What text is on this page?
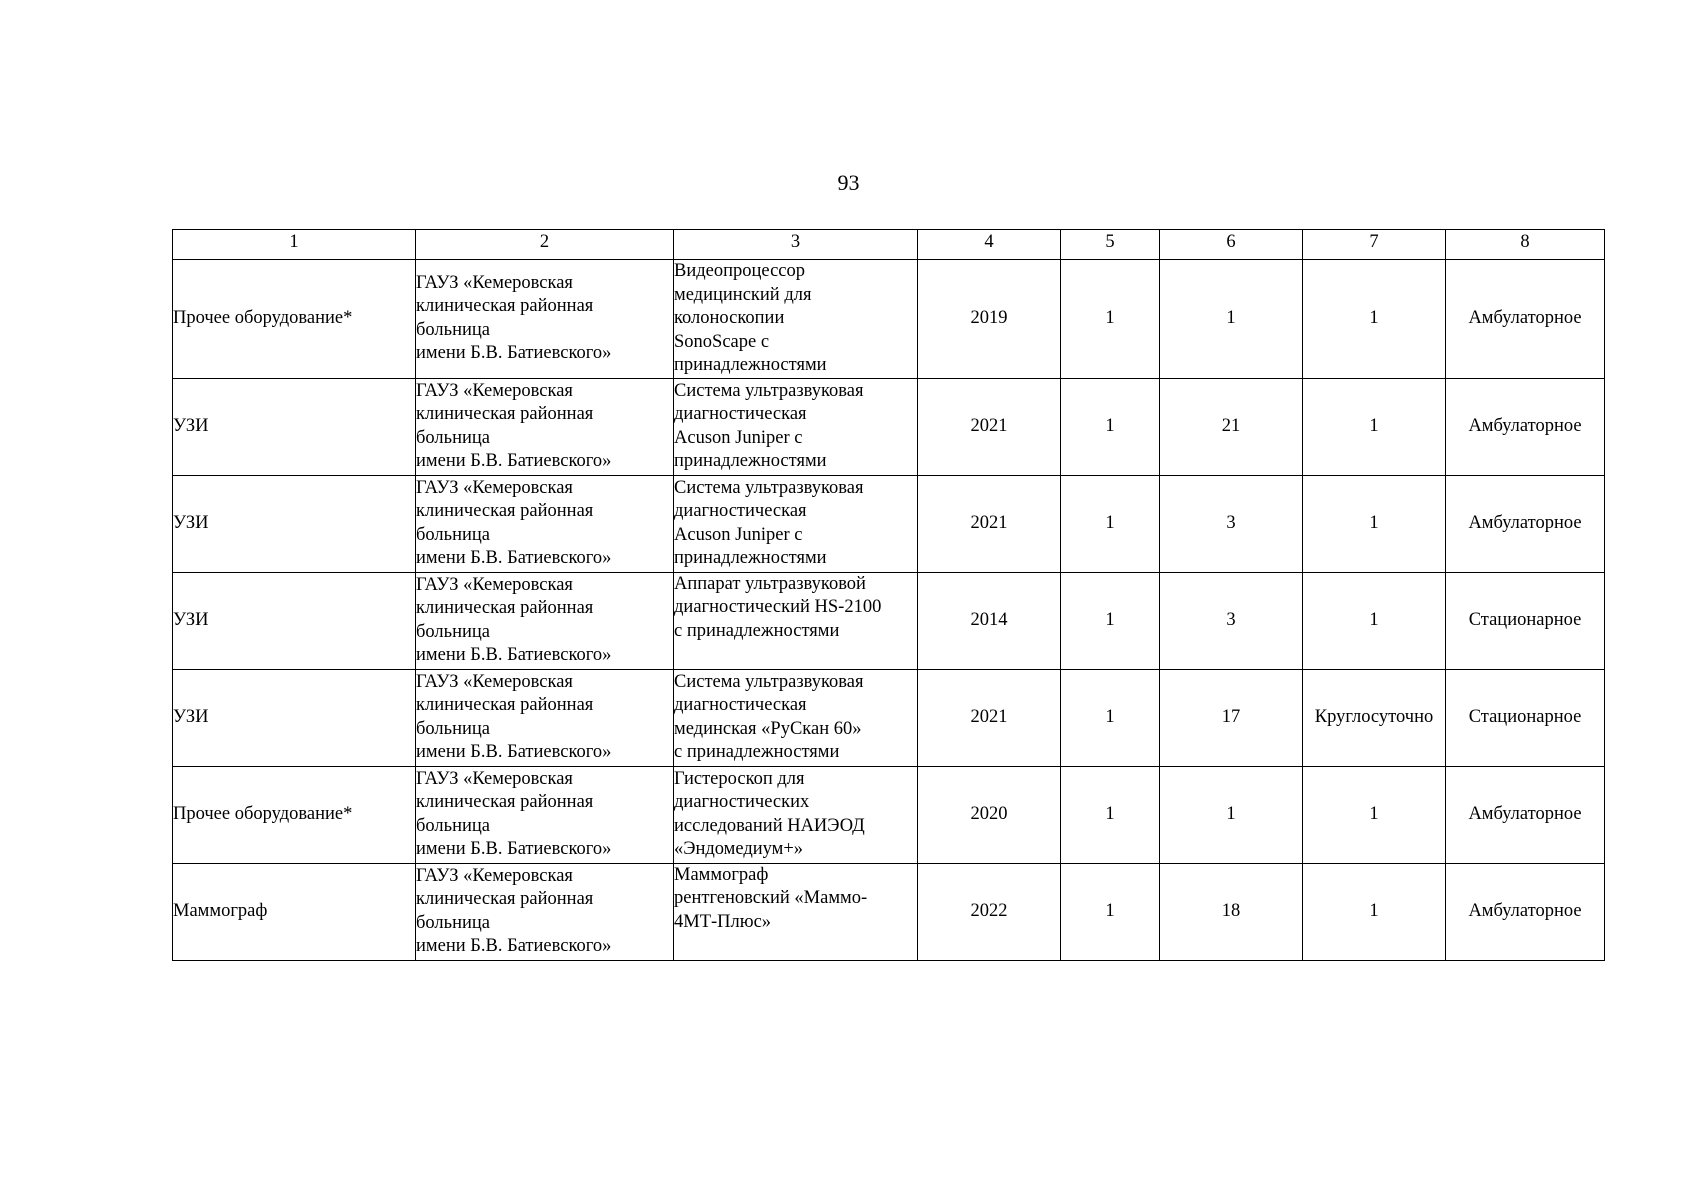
93
1	2	3	4	5	6	7	8
Прочее оборудование*	ГАУЗ «Кемеровская
клиническая районная
больница
имени Б.В. Батиевского»	Видеопроцессор
медицинский для
колоноскопии
SonoScape с
принадлежностями	2019	1	1	1	Амбулаторное
УЗИ	ГАУЗ «Кемеровская
клиническая районная
больница
имени Б.В. Батиевского»	Система ультразвуковая
диагностическая
Acuson Juniper с
принадлежностями	2021	1	21	1	Амбулаторное
УЗИ	ГАУЗ «Кемеровская
клиническая районная
больница
имени Б.В. Батиевского»	Система ультразвуковая
диагностическая
Acuson Juniper с
принадлежностями	2021	1	3	1	Амбулаторное
УЗИ	ГАУЗ «Кемеровская
клиническая районная
больница
имени Б.В. Батиевского»	Аппарат ультразвуковой
диагностический HS-2100
с принадлежностями	2014	1	3	1	Стационарное
УЗИ	ГАУЗ «Кемеровская
клиническая районная
больница
имени Б.В. Батиевского»	Система ультразвуковая
диагностическая
мединская «РуСкан 60»
с принадлежностями	2021	1	17	Круглосуточно	Стационарное
Прочее оборудование*	ГАУЗ «Кемеровская
клиническая районная
больница
имени Б.В. Батиевского»	Гистероскоп для
диагностических
исследований НАИЭОД
«Эндомедиум+»	2020	1	1	1	Амбулаторное
Маммограф	ГАУЗ «Кемеровская
клиническая районная
больница
имени Б.В. Батиевского»	Маммограф
рентгеновский «Маммо-
4МТ-Плюс»	2022	1	18	1	Амбулаторное
